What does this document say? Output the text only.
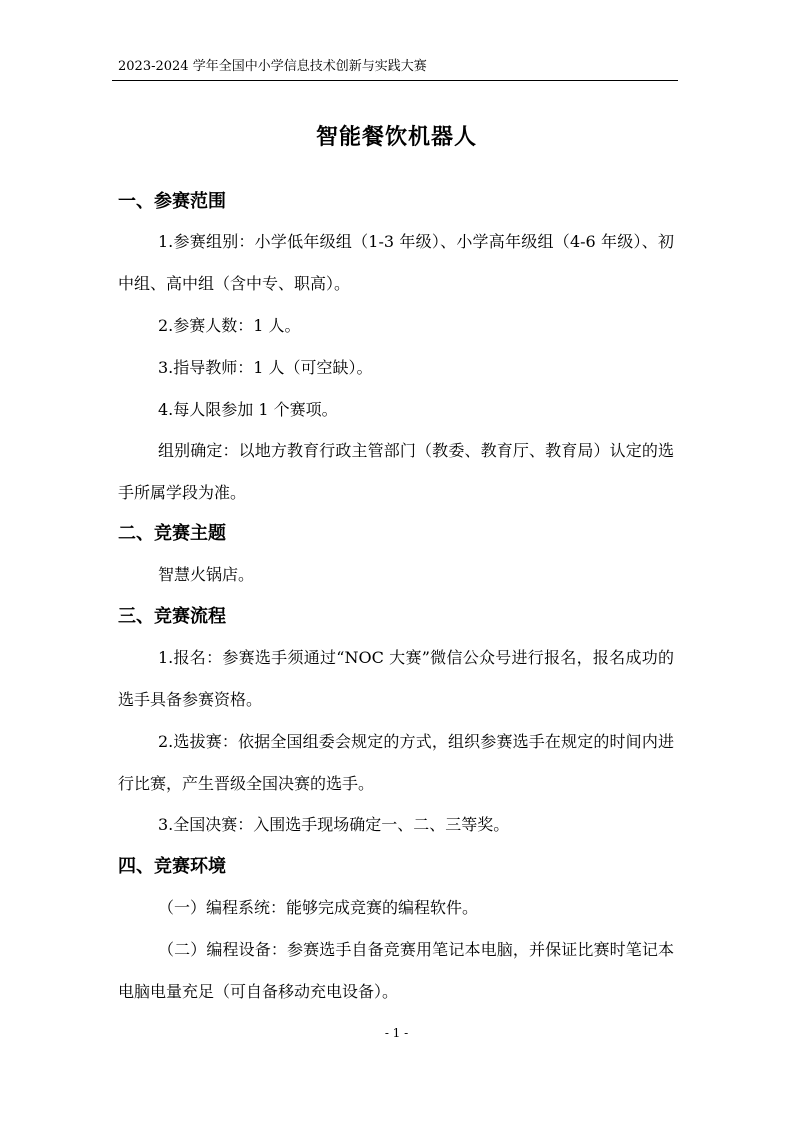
2023-2024 学年全国中小学信息技术创新与实践大赛
智能餐饮机器人
一、参赛范围
1.参赛组别：小学低年级组（1-3 年级）、小学高年级组（4-6 年级）、初中组、高中组（含中专、职高）。
2.参赛人数：1 人。
3.指导教师：1 人（可空缺）。
4.每人限参加 1 个赛项。
组别确定：以地方教育行政主管部门（教委、教育厅、教育局）认定的选手所属学段为准。
二、竞赛主题
智慧火锅店。
三、竞赛流程
1.报名：参赛选手须通过“NOC 大赛”微信公众号进行报名，报名成功的选手具备参赛资格。
2.选拔赛：依据全国组委会规定的方式，组织参赛选手在规定的时间内进行比赛，产生晋级全国决赛的选手。
3.全国决赛：入围选手现场确定一、二、三等奖。
四、竞赛环境
（一）编程系统：能够完成竞赛的编程软件。
（二）编程设备：参赛选手自备竞赛用笔记本电脑，并保证比赛时笔记本电脑电量充足（可自备移动充电设备）。
- 1 -
